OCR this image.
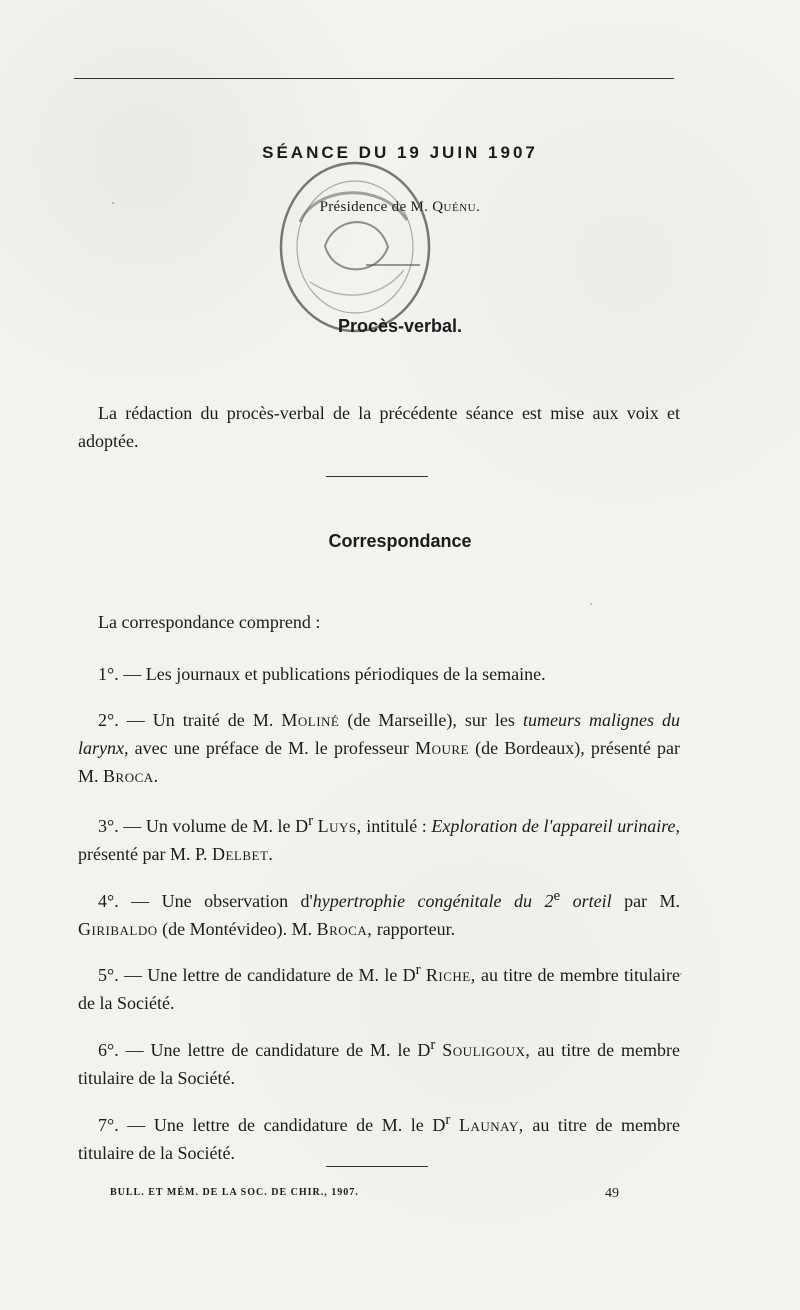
SÉANCE DU 19 JUIN 1907
Présidence de M. Quénu.
Procès-verbal.

La rédaction du procès-verbal de la précédente séance est mise aux voix et adoptée.

Correspondance

La correspondance comprend :

1°. — Les journaux et publications périodiques de la semaine.

2°. — Un traité de M. Moliné (de Marseille), sur les tumeurs malignes du larynx, avec une préface de M. le professeur Moure (de Bordeaux), présenté par M. Broca.

3°. — Un volume de M. le $D^r$ Luys, intitulé : Exploration de l'appareil urinaire, présenté par M. P. Delbet.

4°. — Une observation d'hypertrophie congénitale du 2e orteil par M. Giribaldo (de Montévideo). M. Broca, rapporteur.

5°. — Une lettre de candidature de M. le $D^r$ Riche, au titre de membre titulaire de la Société.

6°. — Une lettre de candidature de M. le $D^r$ Souligoux, au titre de membre titulaire de la Société.

7°. — Une lettre de candidature de M. le $D^r$ Launay, au titre de membre titulaire de la Société.

BULL. ET MÉM. DE LA SOC. DE CHIR., 1907.	49
